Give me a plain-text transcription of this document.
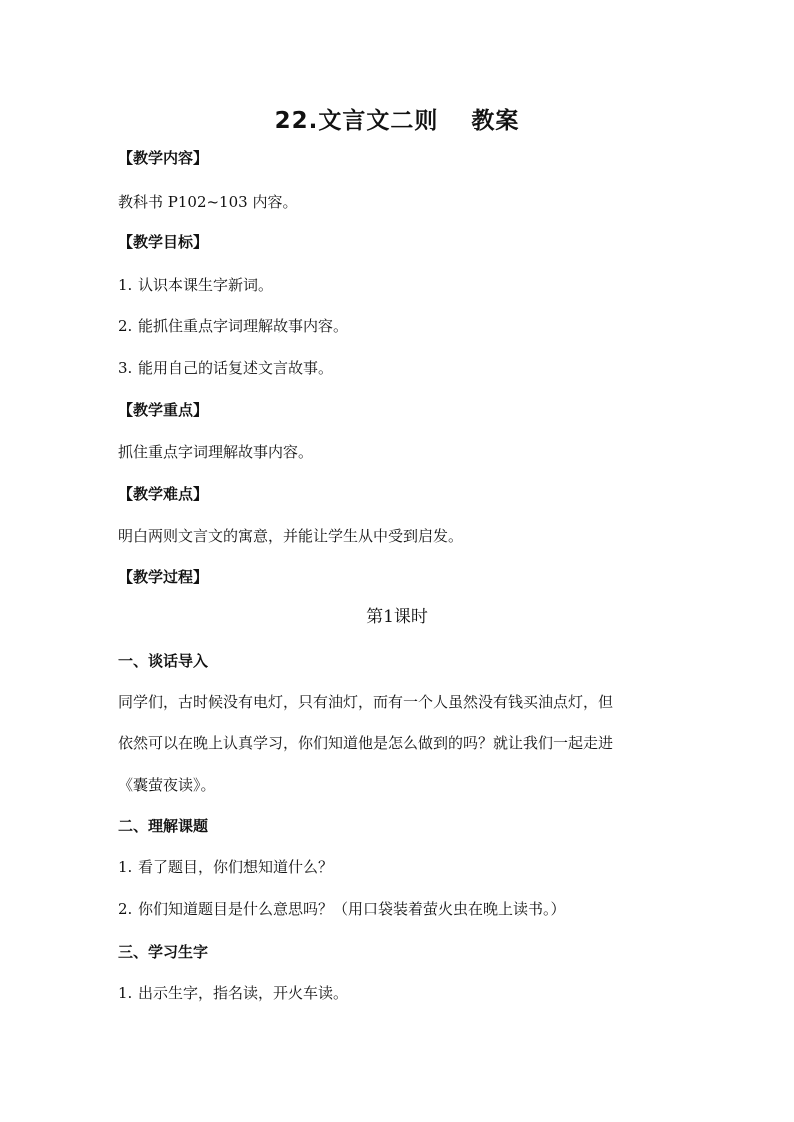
22.文言文二则　 教案
【教学内容】
教科书 P102~103 内容。
【教学目标】
1. 认识本课生字新词。
2. 能抓住重点字词理解故事内容。
3. 能用自己的话复述文言故事。
【教学重点】
抓住重点字词理解故事内容。
【教学难点】
明白两则文言文的寓意，并能让学生从中受到启发。
【教学过程】
第1课时
一、谈话导入
同学们，古时候没有电灯，只有油灯，而有一个人虽然没有钱买油点灯，但
依然可以在晚上认真学习，你们知道他是怎么做到的吗？就让我们一起走进
《囊萤夜读》。
二、理解课题
1. 看了题目，你们想知道什么？
2. 你们知道题目是什么意思吗？（用口袋装着萤火虫在晚上读书。）
三、学习生字
1. 出示生字，指名读，开火车读。
